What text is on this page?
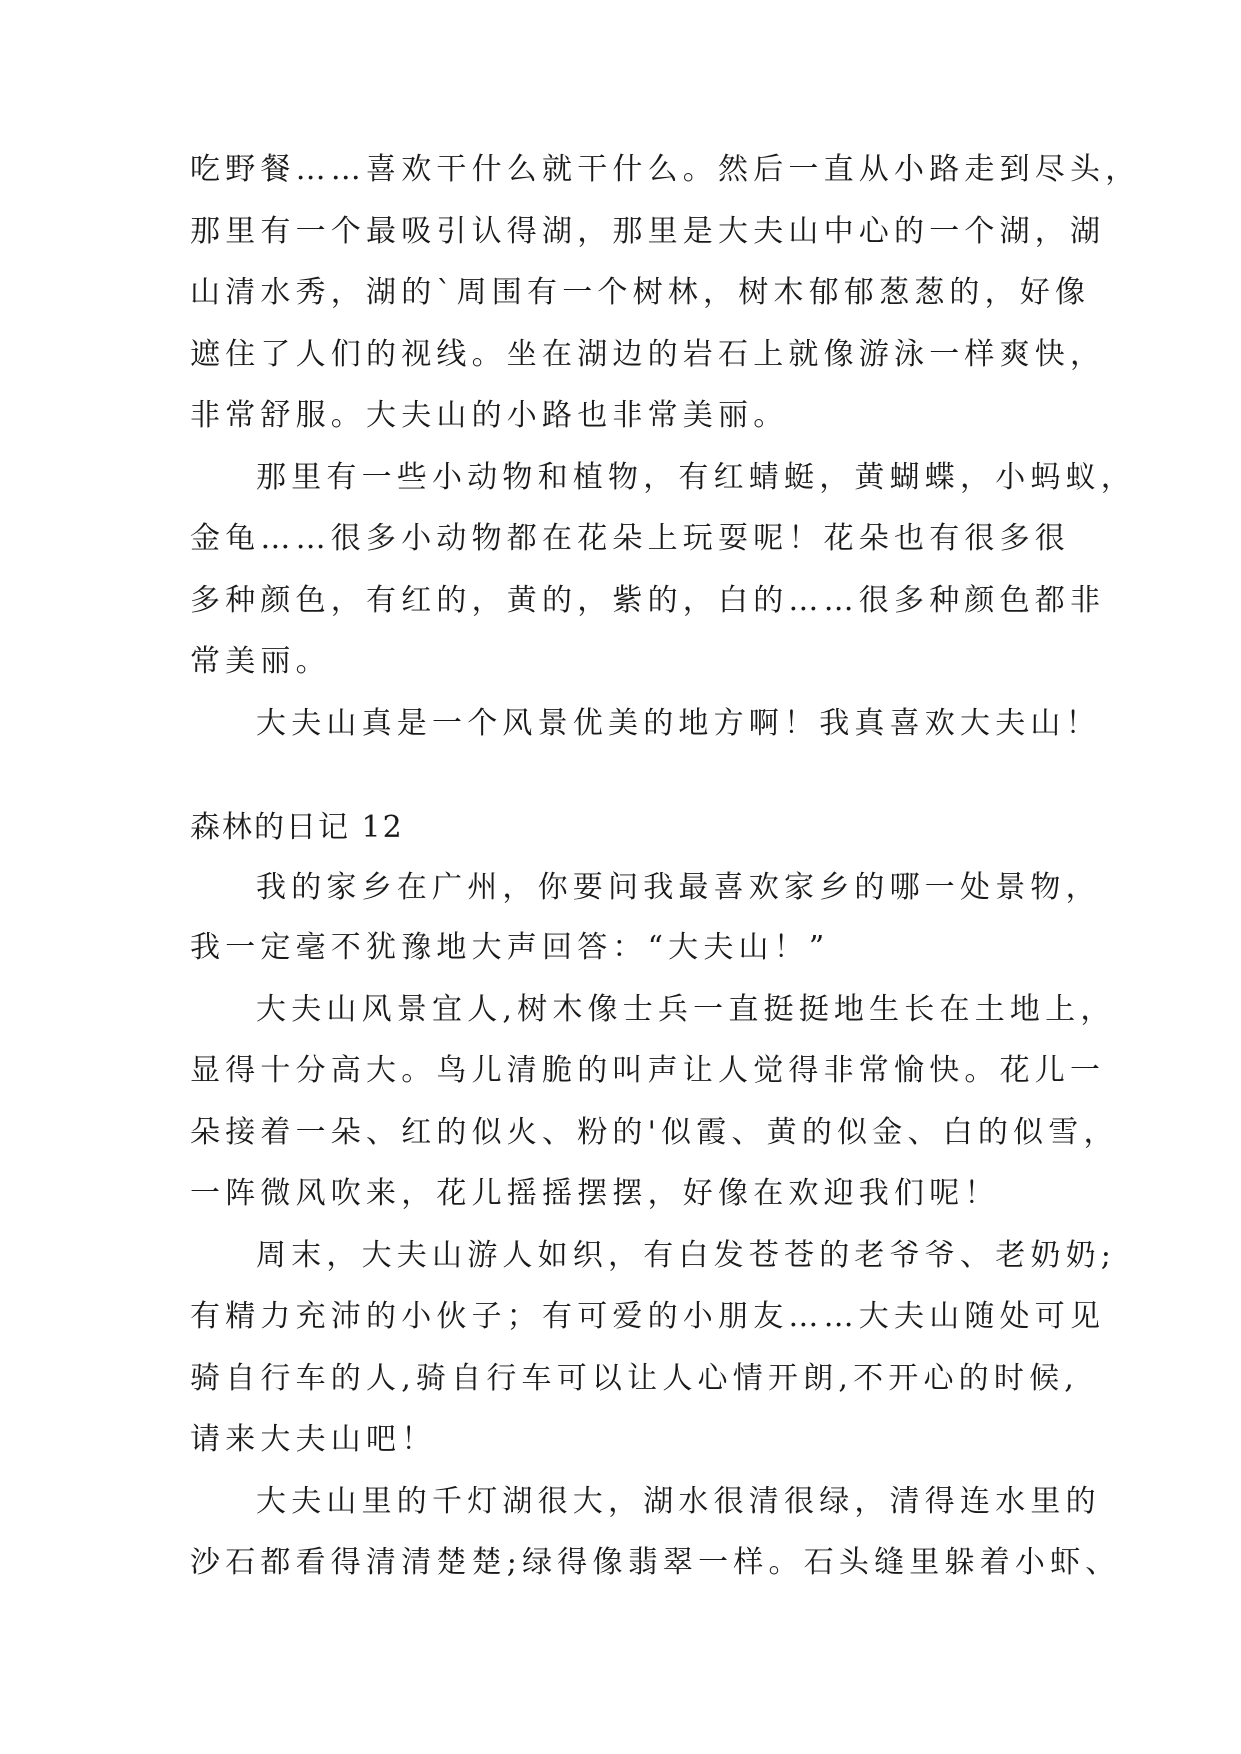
吃野餐……喜欢干什么就干什么。然后一直从小路走到尽头，
那里有一个最吸引认得湖，那里是大夫山中心的一个湖，湖
山清水秀，湖的`周围有一个树林，树木郁郁葱葱的，好像
遮住了人们的视线。坐在湖边的岩石上就像游泳一样爽快，
非常舒服。大夫山的小路也非常美丽。
那里有一些小动物和植物，有红蜻蜓，黄蝴蝶，小蚂蚁，
金龟……很多小动物都在花朵上玩耍呢！花朵也有很多很
多种颜色，有红的，黄的，紫的，白的……很多种颜色都非
常美丽。
大夫山真是一个风景优美的地方啊！我真喜欢大夫山！
森林的日记 12
我的家乡在广州，你要问我最喜欢家乡的哪一处景物，
我一定毫不犹豫地大声回答：“大夫山！”
大夫山风景宜人,树木像士兵一直挺挺地生长在土地上，
显得十分高大。鸟儿清脆的叫声让人觉得非常愉快。花儿一
朵接着一朵、红的似火、粉的'似霞、黄的似金、白的似雪，
一阵微风吹来，花儿摇摇摆摆，好像在欢迎我们呢！
周末，大夫山游人如织，有白发苍苍的老爷爷、老奶奶;
有精力充沛的小伙子；有可爱的小朋友……大夫山随处可见
骑自行车的人,骑自行车可以让人心情开朗,不开心的时候,
请来大夫山吧！
大夫山里的千灯湖很大，湖水很清很绿，清得连水里的
沙石都看得清清楚楚;绿得像翡翠一样。石头缝里躲着小虾、
